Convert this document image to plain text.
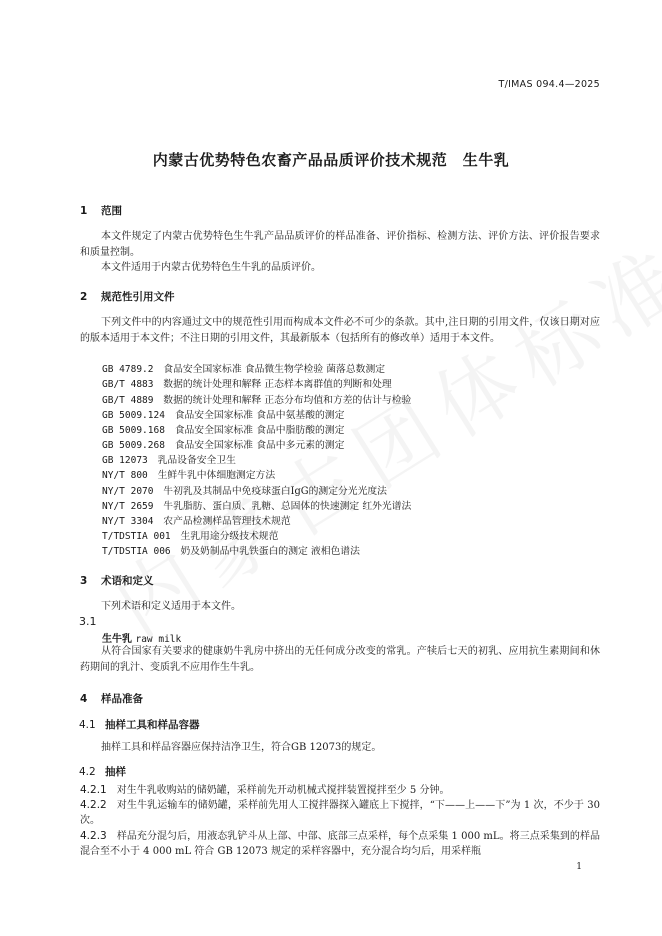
T/IMAS 094.4—2025
内蒙古优势特色农畜产品品质评价技术规范　生牛乳
1 范围
本文件规定了内蒙古优势特色生牛乳产品品质评价的样品准备、评价指标、检测方法、评价方法、评价报告要求和质量控制。
本文件适用于内蒙古优势特色生牛乳的品质评价。
2 规范性引用文件
下列文件中的内容通过文中的规范性引用而构成本文件必不可少的条款。其中,注日期的引用文件，仅该日期对应的版本适用于本文件；不注日期的引用文件，其最新版本（包括所有的修改单）适用于本文件。
GB 4789.2　 食品安全国家标准 食品微生物学检验 菌落总数测定
GB/T 4883　 数据的统计处理和解释 正态样本离群值的判断和处理
GB/T 4889　 数据的统计处理和解释 正态分布均值和方差的估计与检验
GB 5009.124　 食品安全国家标准 食品中氨基酸的测定
GB 5009.168　 食品安全国家标准 食品中脂肪酸的测定
GB 5009.268　 食品安全国家标准 食品中多元素的测定
GB 12073　 乳品设备安全卫生
NY/T 800　 生鲜牛乳中体细胞测定方法
NY/T 2070　 牛初乳及其制品中免疫球蛋白IgG的测定分光光度法
NY/T 2659　 牛乳脂肪、蛋白质、乳糖、总固体的快速测定 红外光谱法
NY/T 3304　 农产品检测样品管理技术规范
T/TDSTIA 001　 生乳用途分级技术规范
T/TDSTIA 006　 奶及奶制品中乳铁蛋白的测定 液相色谱法
3 术语和定义
下列术语和定义适用于本文件。
3.1
生牛乳 raw milk
从符合国家有关要求的健康奶牛乳房中挤出的无任何成分改变的常乳。产犊后七天的初乳、应用抗生素期间和休药期间的乳汁、变质乳不应用作生牛乳。
4 样品准备
4.1 抽样工具和样品容器
抽样工具和样品容器应保持洁净卫生，符合GB 12073的规定。
4.2 抽样
4.2.1　 对生牛乳收购站的储奶罐，采样前先开动机械式搅拌装置搅拌至少 5 分钟。
4.2.2　 对生牛乳运输车的储奶罐，采样前先用人工搅拌器探入罐底上下搅拌，“下——上——下”为 1 次，不少于 30 次。
4.2.3　 样品充分混匀后，用液态乳铲斗从上部、中部、底部三点采样，每个点采集 1 000 mL。将三点采集到的样品混合至不小于 4 000 mL 符合 GB 12073 规定的采样容器中，充分混合均匀后，用采样瓶
1
